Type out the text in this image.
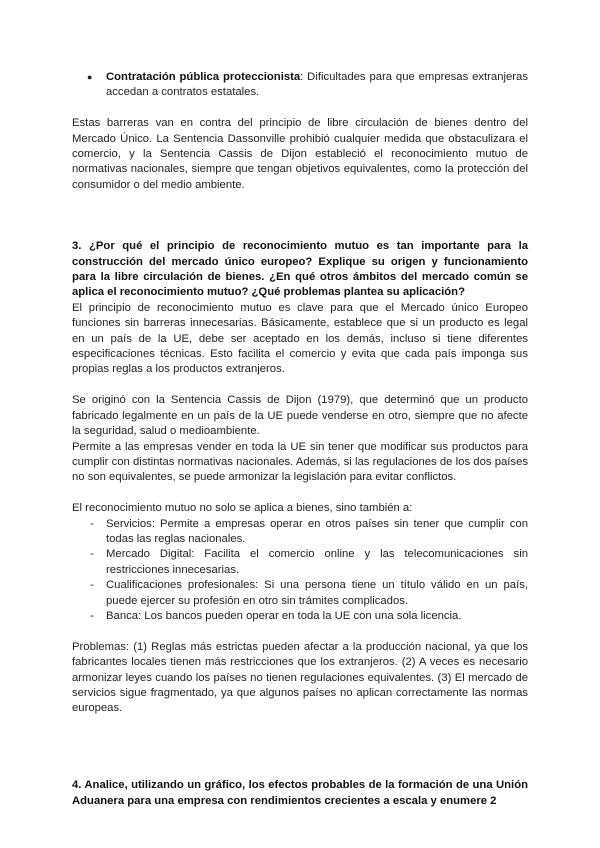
● Contratación pública proteccionista: Dificultades para que empresas extranjeras accedan a contratos estatales.

Estas barreras van en contra del principio de libre circulación de bienes dentro del Mercado Único. La Sentencia Dassonville prohibió cualquier medida que obstaculizara el comercio, y la Sentencia Cassis de Dijon estableció el reconocimiento mutuo de normativas nacionales, siempre que tengan objetivos equivalentes, como la protección del consumidor o del medio ambiente.

3. ¿Por qué el principio de reconocimiento mutuo es tan importante para la construcción del mercado único europeo? Explique su origen y funcionamiento para la libre circulación de bienes. ¿En qué otros ámbitos del mercado común se aplica el reconocimiento mutuo? ¿Qué problemas plantea su aplicación?

El principio de reconocimiento mutuo es clave para que el Mercado único Europeo funciones sin barreras innecesarias. Básicamente, establece que si un producto es legal en un país de la UE, debe ser aceptado en los demás, incluso si tiene diferentes especificaciones técnicas. Esto facilita el comercio y evita que cada país imponga sus propias reglas a los productos extranjeros.

Se originó con la Sentencia Cassis de Dijon (1979), que determinó que un producto fabricado legalmente en un país de la UE puede venderse en otro, siempre que no afecte la seguridad, salud o medioambiente.

Permite a las empresas vender en toda la UE sin tener que modificar sus productos para cumplir con distintas normativas nacionales. Además, si las regulaciones de los dos países no son equivalentes, se puede armonizar la legislación para evitar conflictos.

El reconocimiento mutuo no solo se aplica a bienes, sino también a:

- Servicios: Permite a empresas operar en otros países sin tener que cumplir con todas las reglas nacionales.
- Mercado Digital: Facilita el comercio online y las telecomunicaciones sin restricciones innecesarias.
- Cualificaciones profesionales: Si una persona tiene un título válido en un país, puede ejercer su profesión en otro sin trámites complicados.
- Banca: Los bancos pueden operar en toda la UE con una sola licencia.

Problemas: (1) Reglas más estrictas pueden afectar a la producción nacional, ya que los fabricantes locales tienen más restricciones que los extranjeros. (2) A veces es necesario armonizar leyes cuando los países no tienen regulaciones equivalentes. (3) El mercado de servicios sigue fragmentado, ya que algunos países no aplican correctamente las normas europeas.

4. Analice, utilizando un gráfico, los efectos probables de la formación de una Unión Aduanera para una empresa con rendimientos crecientes a escala y enumere 2
